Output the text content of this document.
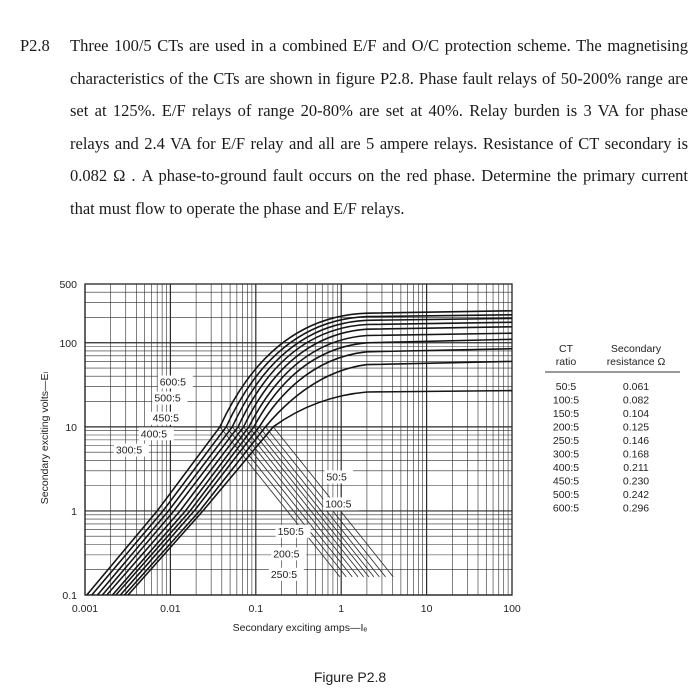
P2.8 Three 100/5 CTs are used in a combined E/F and O/C protection scheme. The magnetising characteristics of the CTs are shown in figure P2.8. Phase fault relays of 50-200% range are set at 125%. E/F relays of range 20-80% are set at 40%. Relay burden is 3 VA for phase relays and 2.4 VA for E/F relay and all are 5 ampere relays. Resistance of CT secondary is 0.082 Ω . A phase-to-ground fault occurs on the red phase. Determine the primary current that must flow to operate the phase and E/F relays.
0.001	0.01	0.1	1	10	100
0.1
1
10
100
500
50:5
100:5
150:5
200:5
250:5
300:5
400:5
450:5
500:5
600:5
Secondary exciting volts—Eₗ
Secondary exciting amps—Iₑ
CT
ratio
Secondary
resistance Ω
50:5	0.061
100:5	0.082
150:5	0.104
200:5	0.125
250:5	0.146
300:5	0.168
400:5	0.211
450:5	0.230
500:5	0.242
600:5	0.296
Figure P2.8
